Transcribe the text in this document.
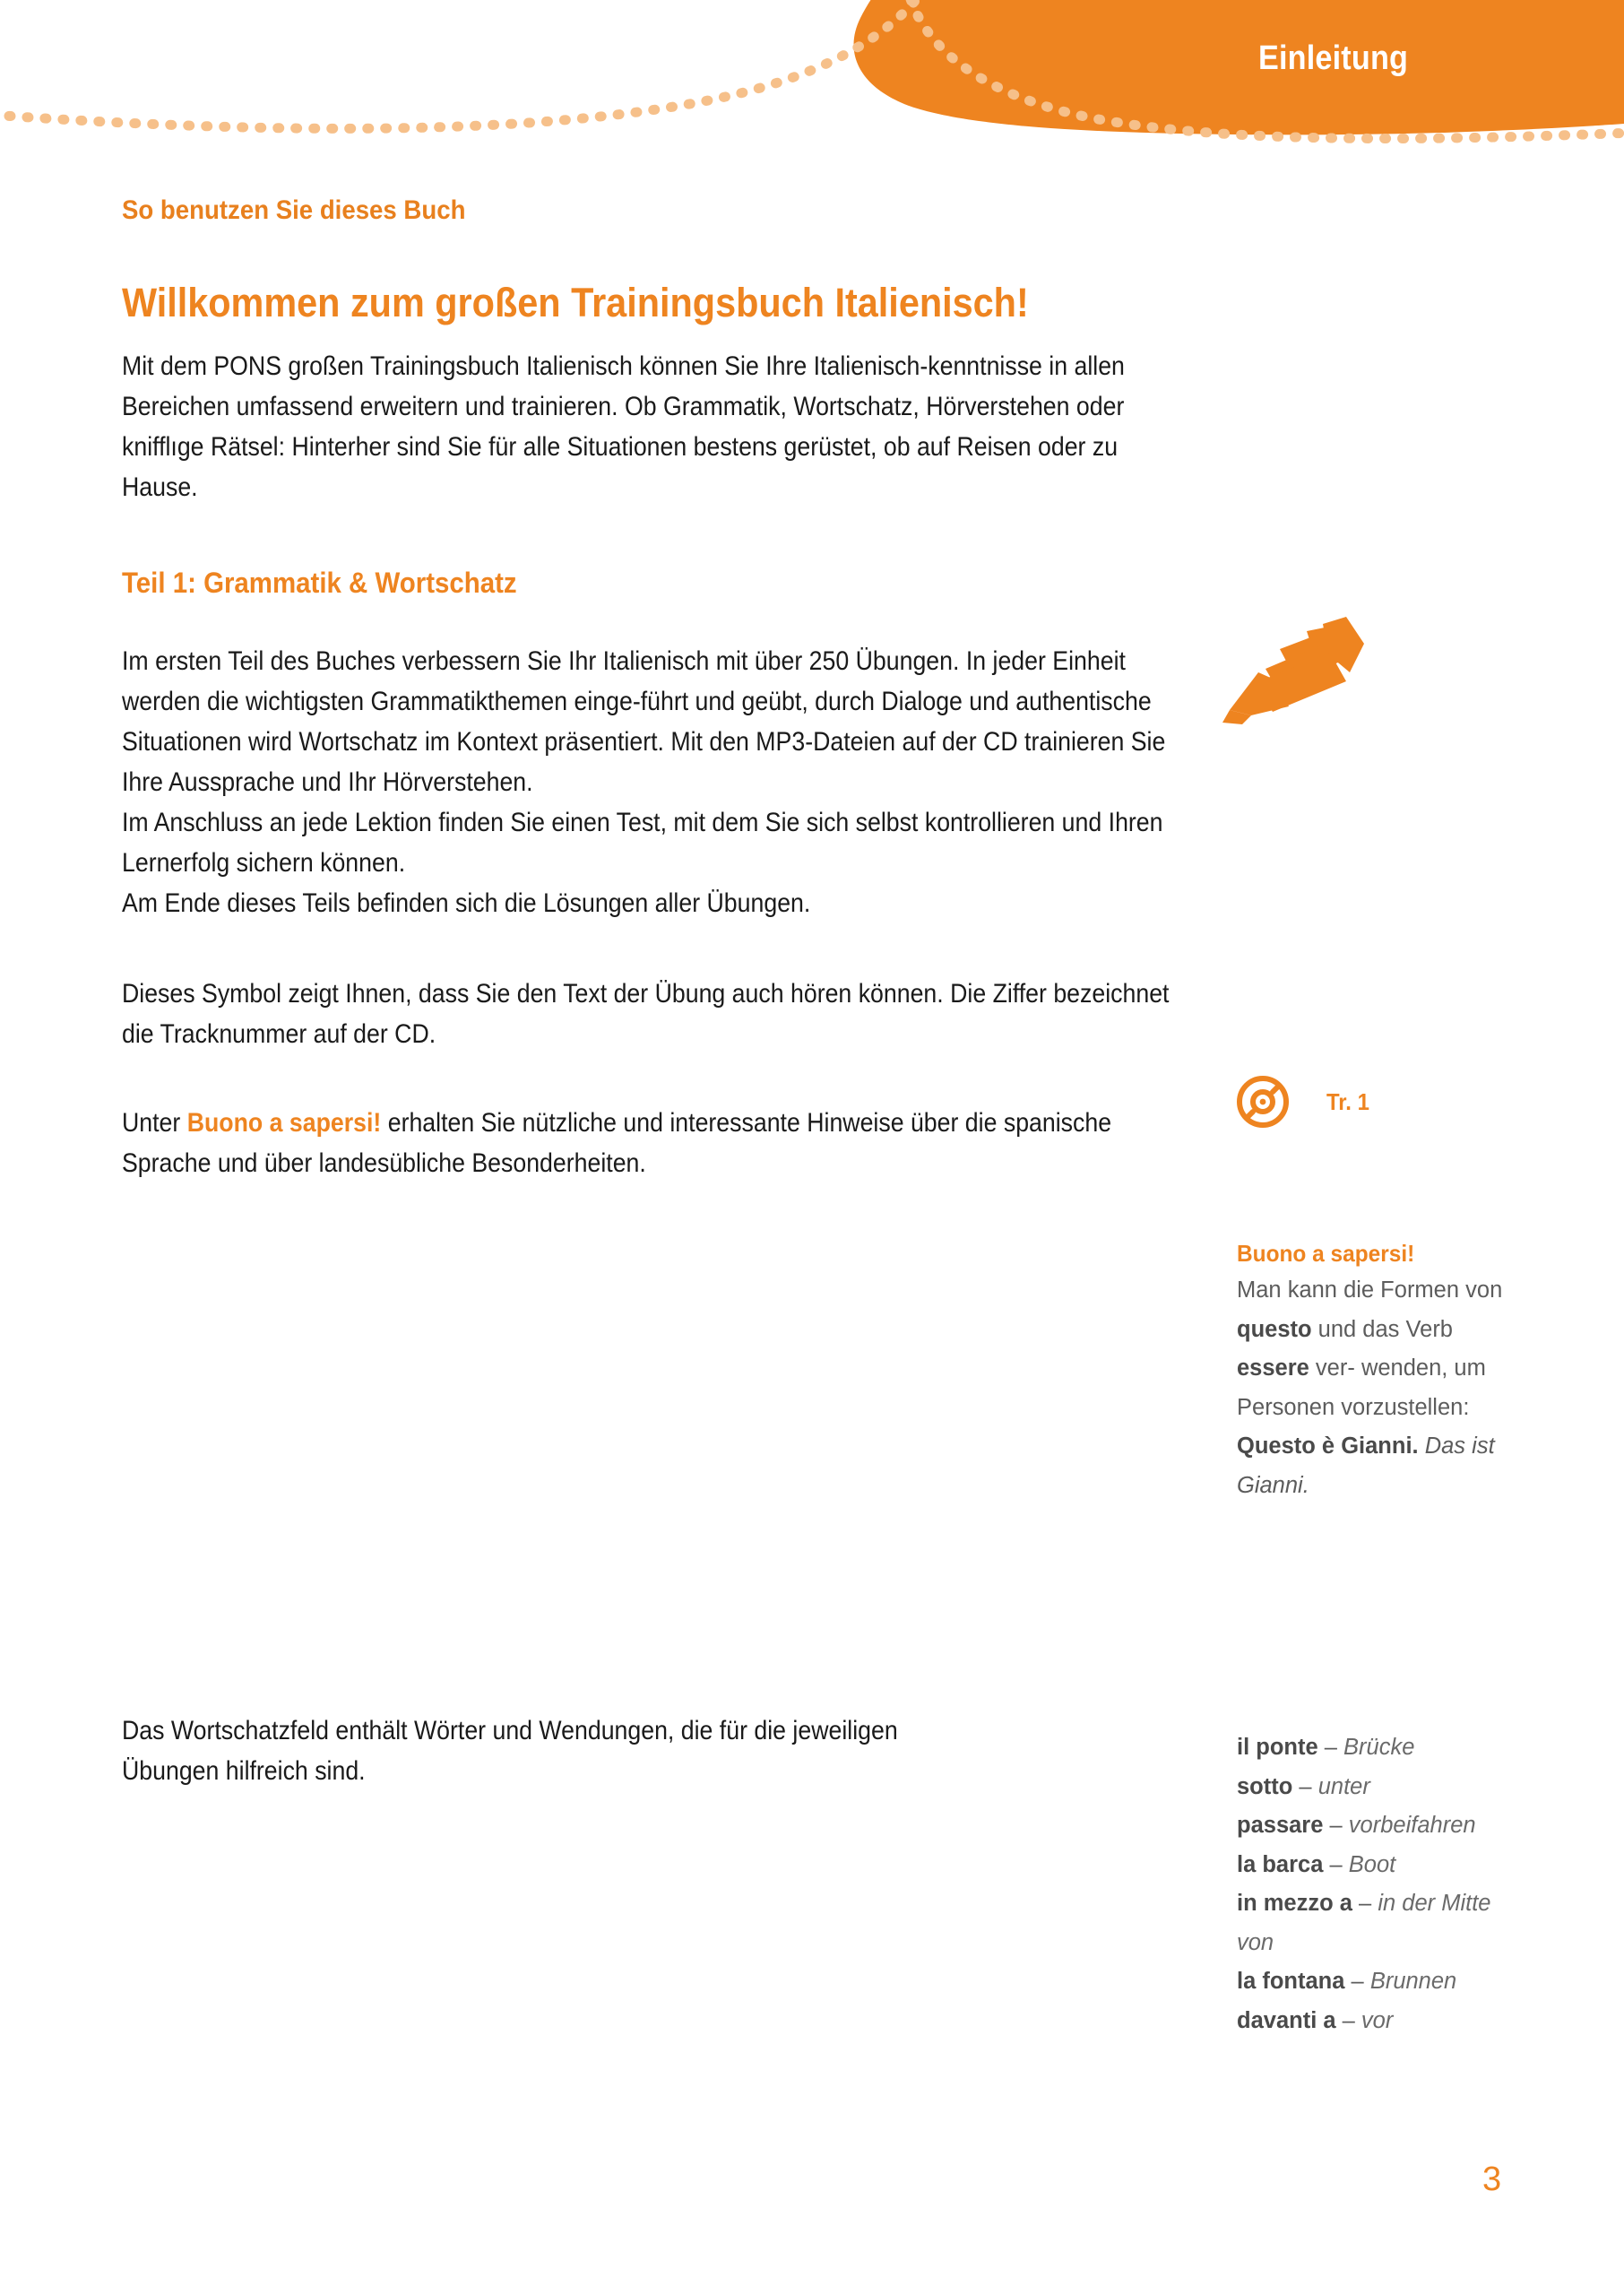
Einleitung
So benutzen Sie dieses Buch
Willkommen zum großen Trainingsbuch Italienisch!
Mit dem PONS großen Trainingsbuch Italienisch können Sie Ihre Italienisch-kenntnisse in allen Bereichen umfassend erweitern und trainieren. Ob Grammatik, Wortschatz, Hörverstehen oder knifflıge Rätsel: Hinterher sind Sie für alle Situationen bestens gerüstet, ob auf Reisen oder zu Hause.
Teil 1: Grammatik & Wortschatz
Im ersten Teil des Buches verbessern Sie Ihr Italienisch mit über 250 Übungen. In jeder Einheit werden die wichtigsten Grammatikthemen einge-führt und geübt, durch Dialoge und authentische Situationen wird Wortschatz im Kontext präsentiert. Mit den MP3-Dateien auf der CD trainieren Sie Ihre Aussprache und Ihr Hörverstehen.
Im Anschluss an jede Lektion finden Sie einen Test, mit dem Sie sich selbst kontrollieren und Ihren Lernerfolg sichern können.
Am Ende dieses Teils befinden sich die Lösungen aller Übungen.
Dieses Symbol zeigt Ihnen, dass Sie den Text der Übung auch hören können. Die Ziffer bezeichnet die Tracknummer auf der CD.
Unter Buono a sapersi! erhalten Sie nützliche und interessante Hinweise über die spanische Sprache und über landesübliche Besonderheiten.
Das Wortschatzfeld enthält Wörter und Wendungen, die für die jeweiligen Übungen hilfreich sind.
Tr. 1
Buono a sapersi!
Man kann die Formen von questo und das Verb essere ver- wenden, um Personen vorzustellen: Questo è Gianni. Das ist Gianni.
il ponte – Brücke
sotto – unter
passare – vorbeifahren
la barca – Boot
in mezzo a – in der Mitte von
la fontana – Brunnen
davanti a – vor
3
